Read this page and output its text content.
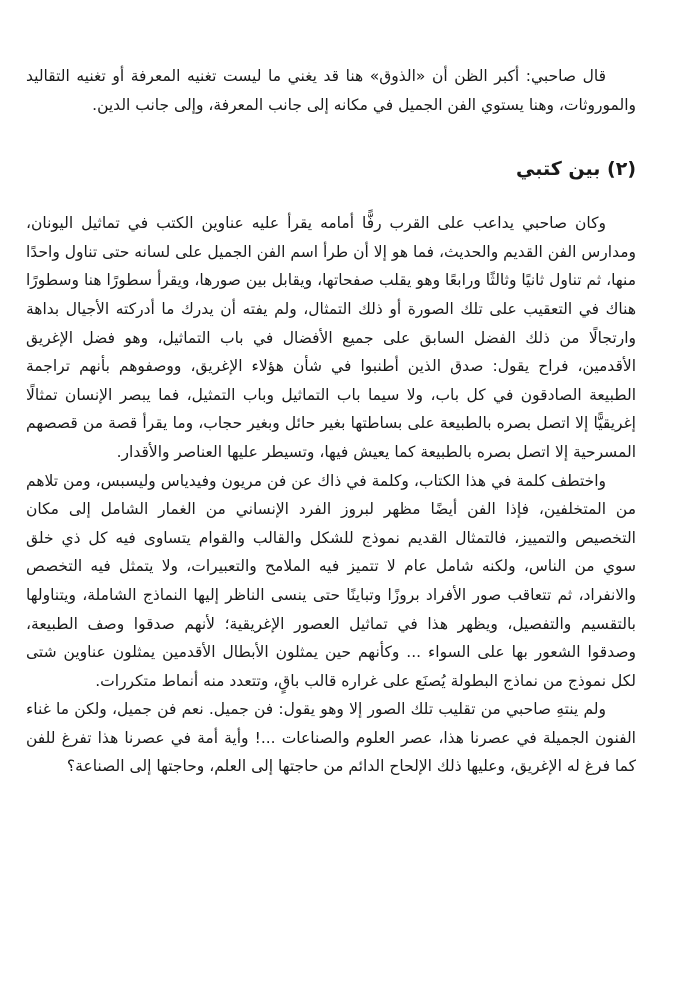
قال صاحبي: أكبر الظن أن «الذوق» هنا قد يغني ما ليست تغنيه المعرفة أو تغنيه التقاليد والموروثات، وهنا يستوي الفن الجميل في مكانه إلى جانب المعرفة، وإلى جانب الدين.

(٢) بين كتبي

وكان صاحبي يداعب على القرب رفًّا أمامه يقرأ عليه عناوين الكتب في تماثيل اليونان، ومدارس الفن القديم والحديث، فما هو إلا أن طرأ اسم الفن الجميل على لسانه حتى تناول واحدًا منها، ثم تناول ثانيًا وثالثًا ورابعًا وهو يقلب صفحاتها، ويقابل بين صورها، ويقرأ سطورًا هنا وسطورًا هناك في التعقيب على تلك الصورة أو ذلك التمثال، ولم يفته أن يدرك ما أدركته الأجيال بداهة وارتجالًا من ذلك الفضل السابق على جميع الأفضال في باب التماثيل، وهو فضل الإغريق الأقدمين، فراح يقول: صدق الذين أطنبوا في شأن هؤلاء الإغريق، ووصفوهم بأنهم تراجمة الطبيعة الصادقون في كل باب، ولا سيما باب التماثيل وباب التمثيل، فما يبصر الإنسان تمثالًا إغريقيًّا إلا اتصل بصره بالطبيعة على بساطتها بغير حائل وبغير حجاب، وما يقرأ قصة من قصصهم المسرحية إلا اتصل بصره بالطبيعة كما يعيش فيها، وتسيطر عليها العناصر والأقدار.

واختطف كلمة في هذا الكتاب، وكلمة في ذاك عن فن مريون وفيدياس وليسبس، ومن تلاهم من المتخلفين، فإذا الفن أيضًا مظهر لبروز الفرد الإنساني من الغمار الشامل إلى مكان التخصيص والتمييز، فالتمثال القديم نموذج للشكل والقالب والقوام يتساوى فيه كل ذي خلق سوي من الناس، ولكنه شامل عام لا تتميز فيه الملامح والتعبيرات، ولا يتمثل فيه التخصص والانفراد، ثم تتعاقب صور الأفراد بروزًا وتباينًا حتى ينسى الناظر إليها النماذج الشاملة، ويتناولها بالتقسيم والتفصيل، ويظهر هذا في تماثيل العصور الإغريقية؛ لأنهم صدقوا وصف الطبيعة، وصدقوا الشعور بها على السواء ... وكأنهم حين يمثلون الأبطال الأقدمين يمثلون عناوين شتى لكل نموذج من نماذج البطولة يُصنَع على غراره قالب باقٍ، وتتعدد منه أنماط متكررات.

ولم ينتهِ صاحبي من تقليب تلك الصور إلا وهو يقول: فن جميل. نعم فن جميل، ولكن ما غناء الفنون الجميلة في عصرنا هذا، عصر العلوم والصناعات ...! وأية أمة في عصرنا هذا تفرغ للفن كما فرغ له الإغريق، وعليها ذلك الإلحاح الدائم من حاجتها إلى العلم، وحاجتها إلى الصناعة؟
